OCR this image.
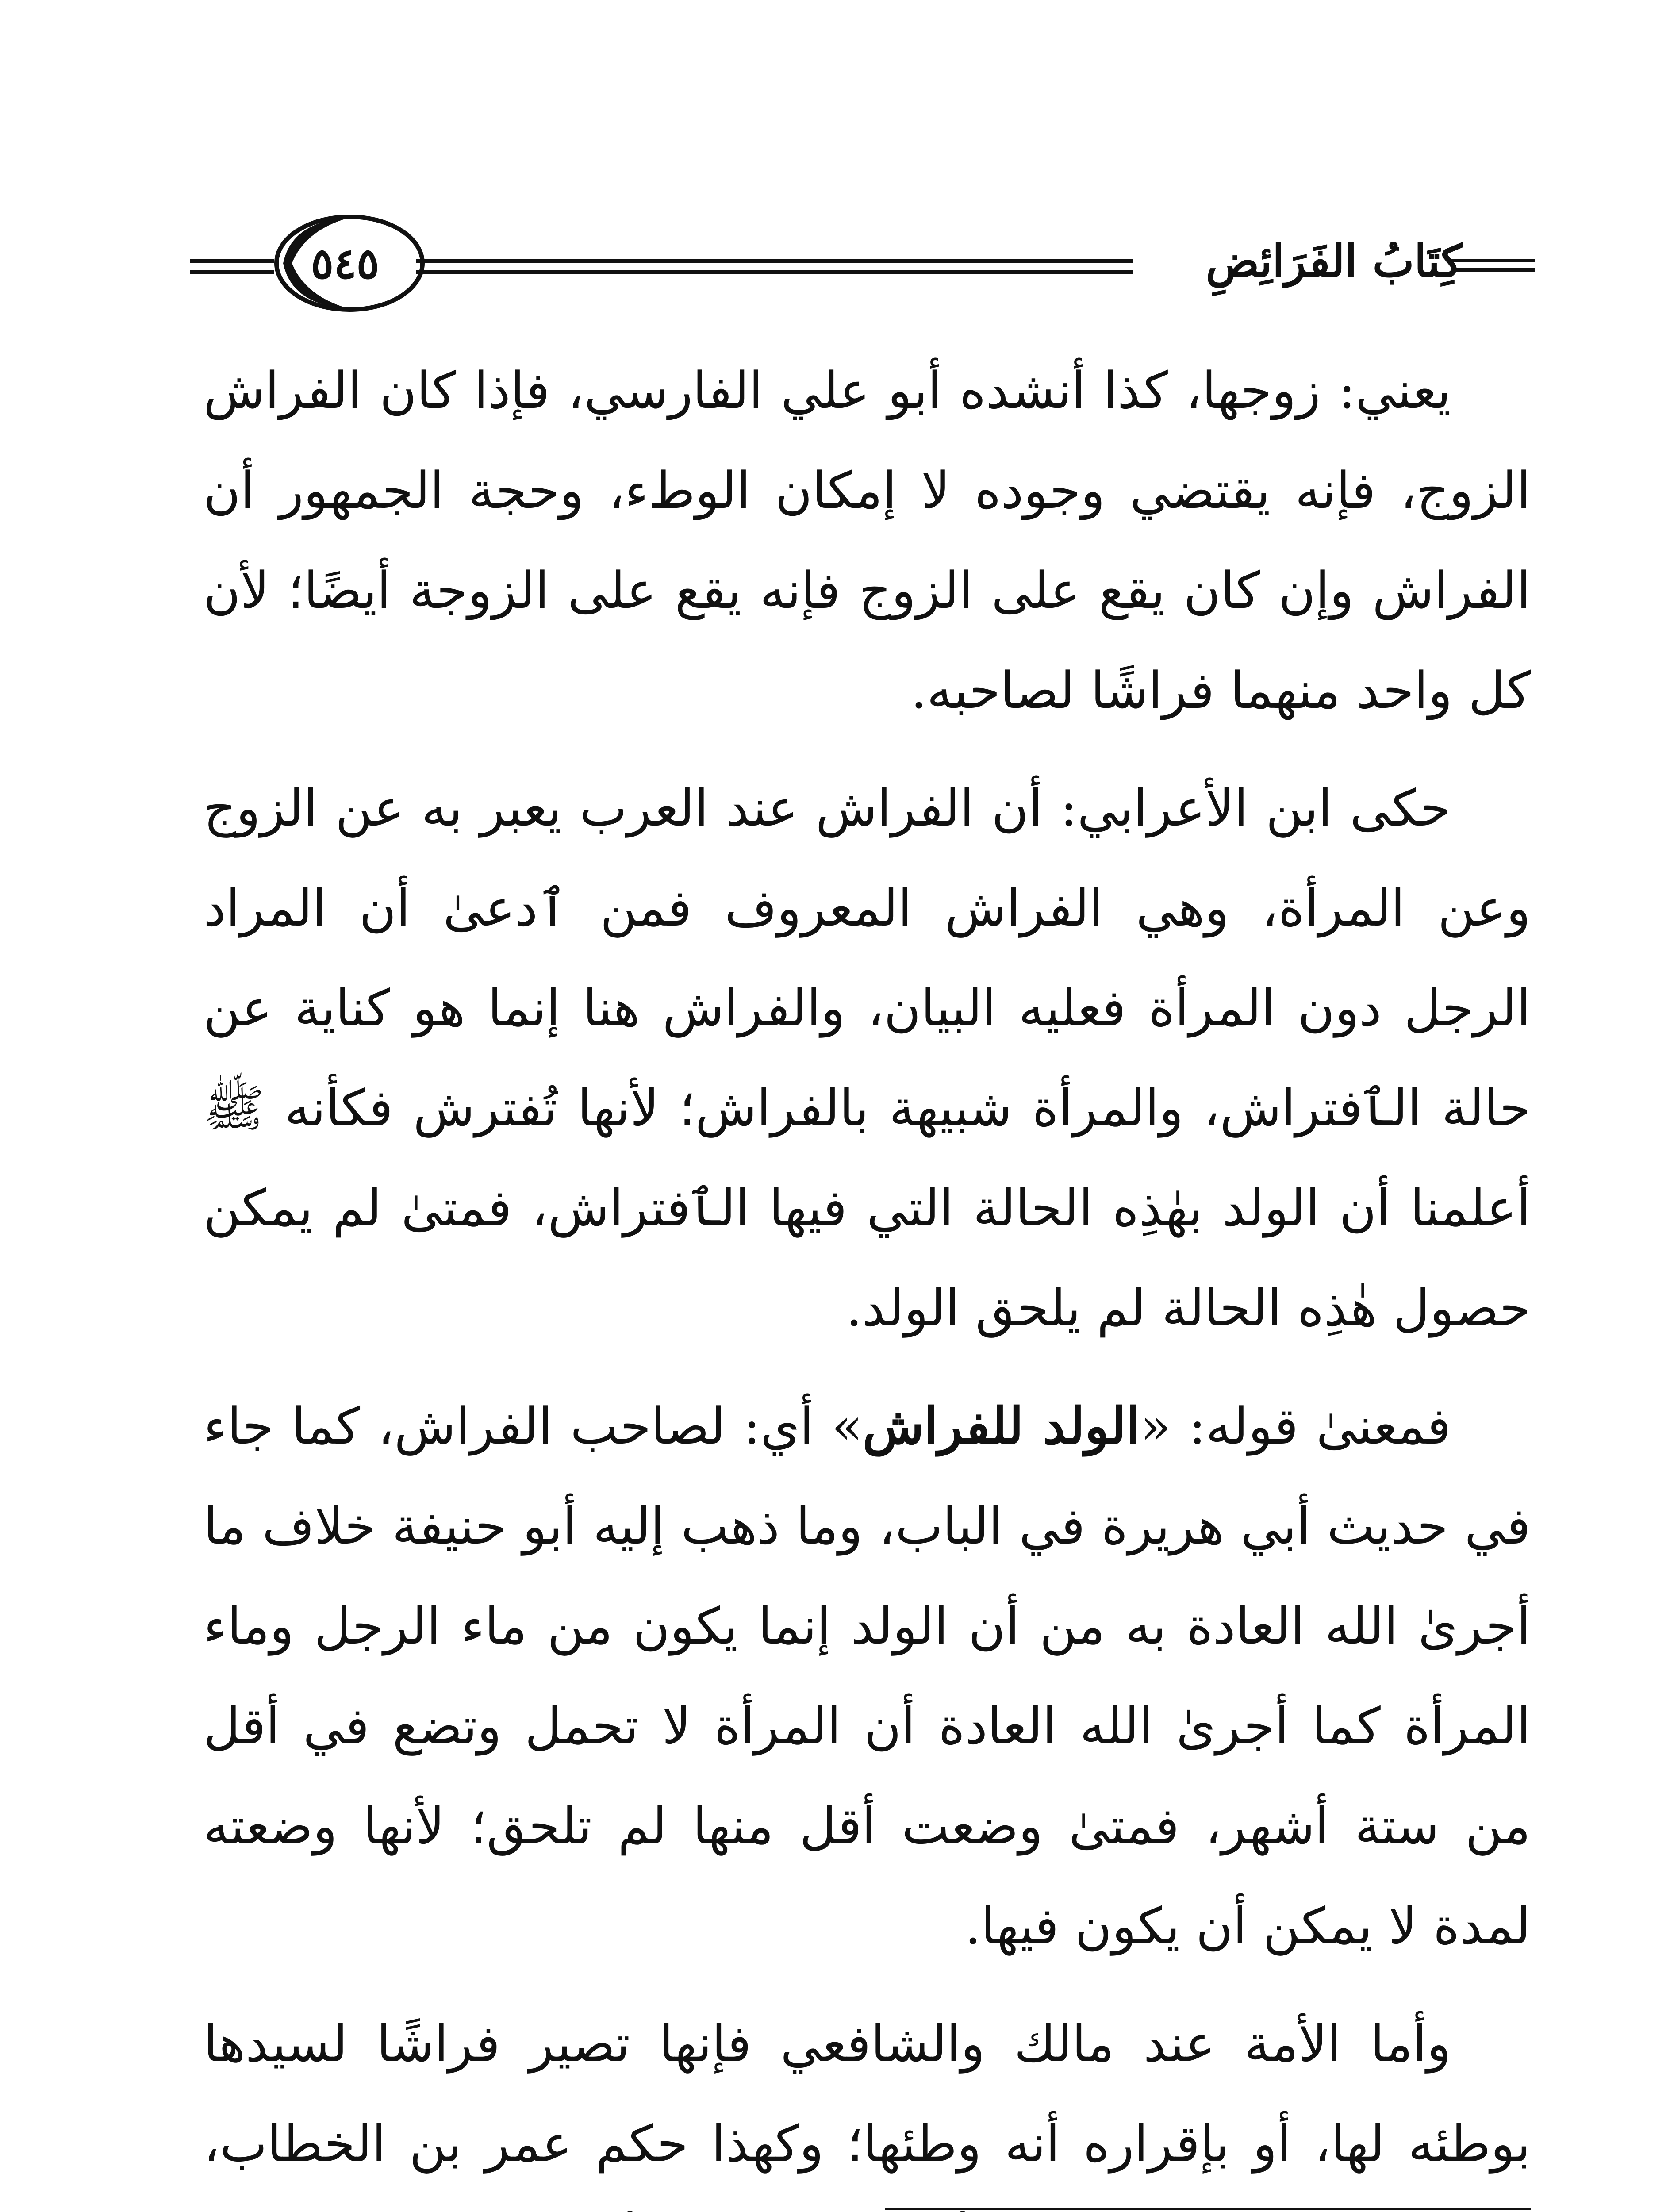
٥٤٥	كِتَابُ الفَرَائِضِ

يعني: زوجها، كذا أنشده أبو علي الفارسي، فإذا كان الفراش الزوج، فإنه يقتضي وجوده لا إمكان الوطء، وحجة الجمهور أن الفراش وإن كان يقع على الزوج فإنه يقع على الزوجة أيضًا؛ لأن كل واحد منهما فراشًا لصاحبه.

حكى ابن الأعرابي: أن الفراش عند العرب يعبر به عن الزوج وعن المرأة، وهي الفراش المعروف فمن ٱدعىٰ أن المراد الرجل دون المرأة فعليه البيان، والفراش هنا إنما هو كناية عن حالة الٱفتراش، والمرأة شبيهة بالفراش؛ لأنها تُفترش فكأنه ﷺ أعلمنا أن الولد بهٰذِه الحالة التي فيها الٱفتراش، فمتىٰ لم يمكن حصول هٰذِه الحالة لم يلحق الولد.

فمعنىٰ قوله: «الولد للفراش» أي: لصاحب الفراش، كما جاء في حديث أبي هريرة في الباب، وما ذهب إليه أبو حنيفة خلاف ما أجرىٰ الله العادة به من أن الولد إنما يكون من ماء الرجل وماء المرأة كما أجرىٰ الله العادة أن المرأة لا تحمل وتضع في أقل من ستة أشهر، فمتىٰ وضعت أقل منها لم تلحق؛ لأنها وضعته لمدة لا يمكن أن يكون فيها.

وأما الأمة عند مالك والشافعي فإنها تصير فراشًا لسيدها بوطئه لها، أو بإقراره أنه وطئها؛ وكهذا حكم عمر بن الخطاب،
